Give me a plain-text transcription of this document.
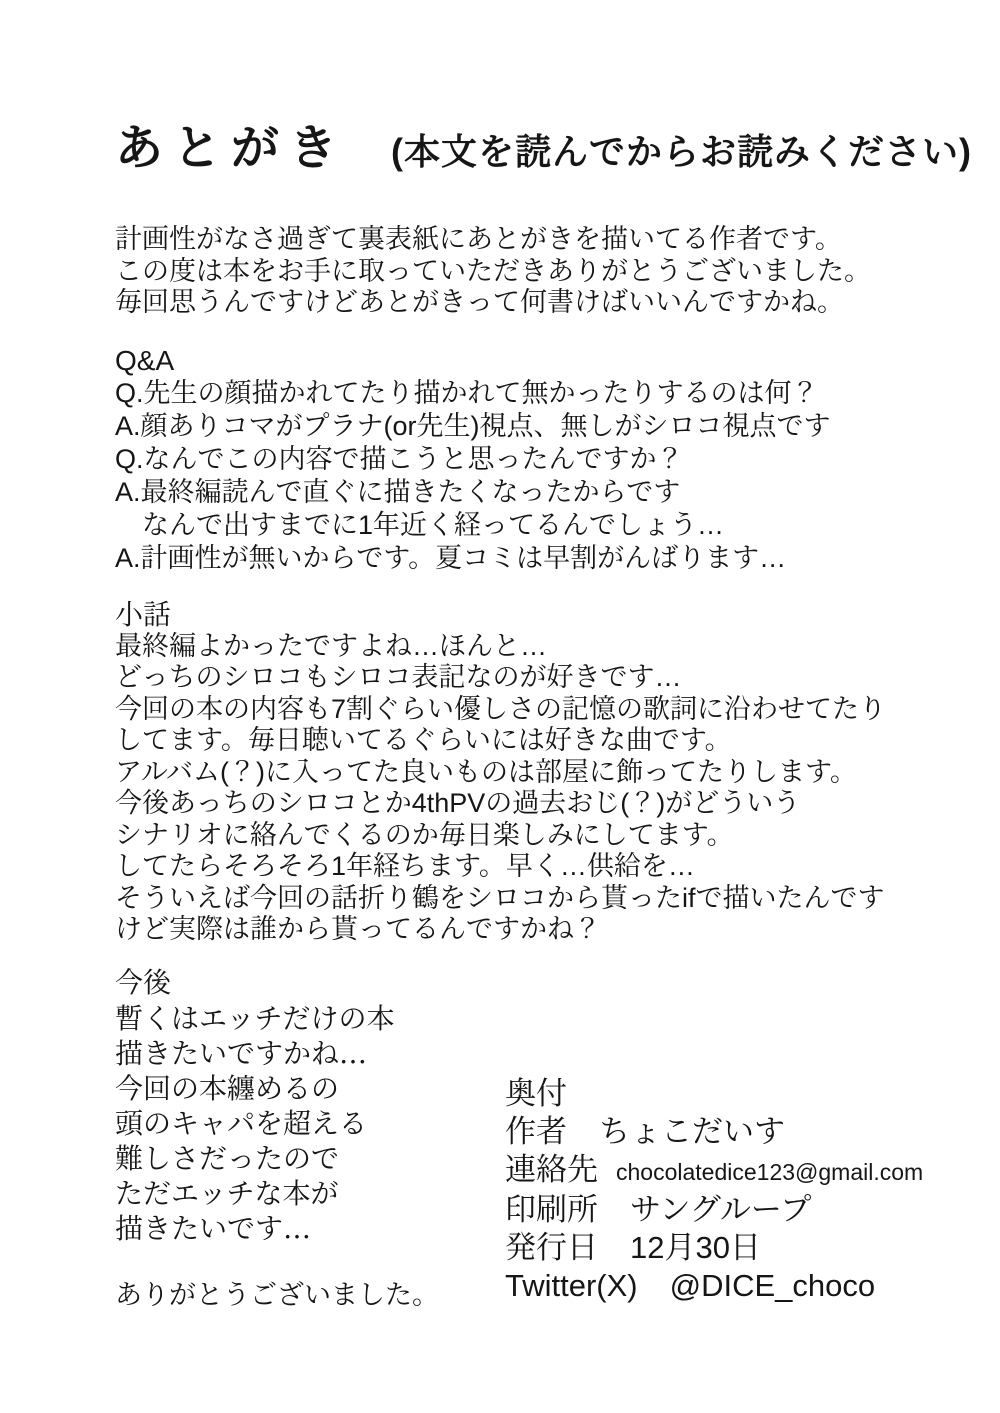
あとがき (本文を読んでからお読みください)
計画性がなさ過ぎて裏表紙にあとがきを描いてる作者です。
この度は本をお手に取っていただきありがとうございました。
毎回思うんですけどあとがきって何書けばいいんですかね。
Q&A
Q.先生の顔描かれてたり描かれて無かったりするのは何？
A.顔ありコマがプラナ(or先生)視点、無しがシロコ視点です
Q.なんでこの内容で描こうと思ったんですか？
A.最終編読んで直ぐに描きたくなったからです
　なんで出すまでに1年近く経ってるんでしょう…
A.計画性が無いからです。夏コミは早割がんばります…
小話
最終編よかったですよね…ほんと…
どっちのシロコもシロコ表記なのが好きです…
今回の本の内容も7割ぐらい優しさの記憶の歌詞に沿わせてたり
してます。毎日聴いてるぐらいには好きな曲です。
アルバム(？)に入ってた良いものは部屋に飾ってたりします。
今後あっちのシロコとか4thPVの過去おじ(？)がどういう
シナリオに絡んでくるのか毎日楽しみにしてます。
してたらそろそろ1年経ちます。早く…供給を…
そういえば今回の話折り鶴をシロコから貰ったifで描いたんです
けど実際は誰から貰ってるんですかね？
今後
暫くはエッチだけの本
描きたいですかね…
今回の本纏めるの
頭のキャパを超える
難しさだったので
ただエッチな本が
描きたいです…
ありがとうございました。
奥付
作者 ちょこだいす
連絡先 chocolatedice123@gmail.com
印刷所 サングループ
発行日 12月30日
Twitter(X) @DICE_choco
